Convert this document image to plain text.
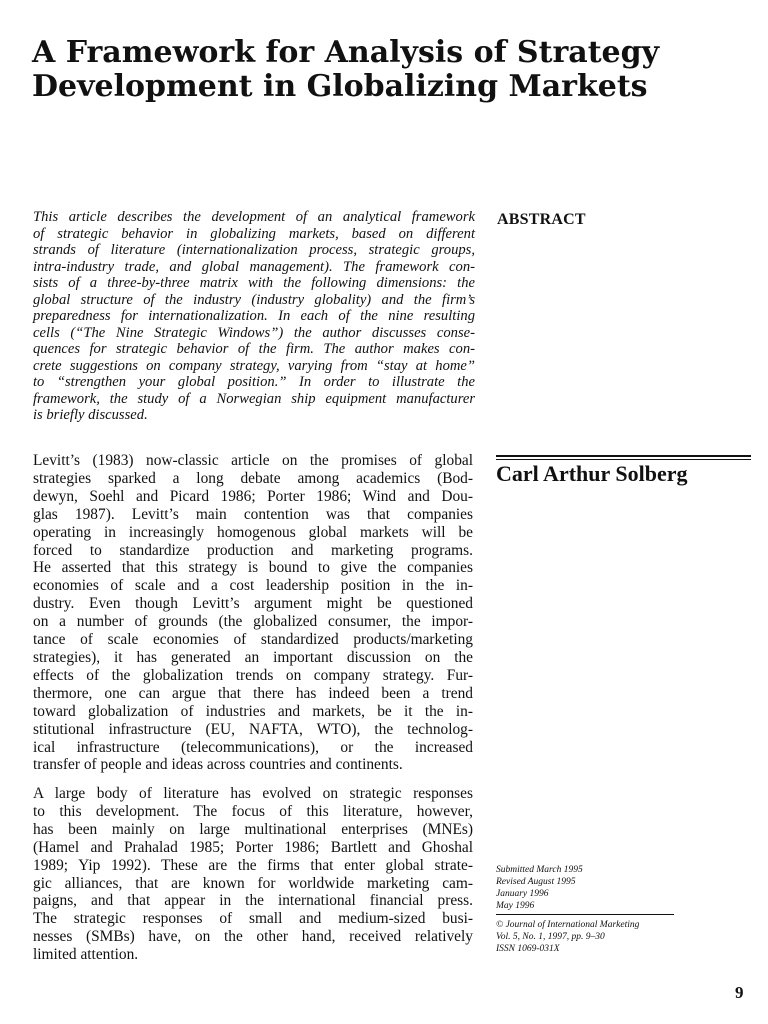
A Framework for Analysis of Strategy
Development in Globalizing Markets
This article describes the development of an analytical framework
of strategic behavior in globalizing markets, based on different
strands of literature (internationalization process, strategic groups,
intra-industry trade, and global management). The framework con-
sists of a three-by-three matrix with the following dimensions: the
global structure of the industry (industry globality) and the firm’s
preparedness for internationalization. In each of the nine resulting
cells (“The Nine Strategic Windows”) the author discusses conse-
quences for strategic behavior of the firm. The author makes con-
crete suggestions on company strategy, varying from “stay at home”
to “strengthen your global position.” In order to illustrate the
framework, the study of a Norwegian ship equipment manufacturer
is briefly discussed.
ABSTRACT
Carl Arthur Solberg
Levitt’s (1983) now-classic article on the promises of global
strategies sparked a long debate among academics (Bod-
dewyn, Soehl and Picard 1986; Porter 1986; Wind and Dou-
glas 1987). Levitt’s main contention was that companies
operating in increasingly homogenous global markets will be
forced to standardize production and marketing programs.
He asserted that this strategy is bound to give the companies
economies of scale and a cost leadership position in the in-
dustry. Even though Levitt’s argument might be questioned
on a number of grounds (the globalized consumer, the impor-
tance of scale economies of standardized products/marketing
strategies), it has generated an important discussion on the
effects of the globalization trends on company strategy. Fur-
thermore, one can argue that there has indeed been a trend
toward globalization of industries and markets, be it the in-
stitutional infrastructure (EU, NAFTA, WTO), the technolog-
ical infrastructure (telecommunications), or the increased
transfer of people and ideas across countries and continents.
A large body of literature has evolved on strategic responses
to this development. The focus of this literature, however,
has been mainly on large multinational enterprises (MNEs)
(Hamel and Prahalad 1985; Porter 1986; Bartlett and Ghoshal
1989; Yip 1992). These are the firms that enter global strate-
gic alliances, that are known for worldwide marketing cam-
paigns, and that appear in the international financial press.
The strategic responses of small and medium-sized busi-
nesses (SMBs) have, on the other hand, received relatively
limited attention.
Submitted March 1995
Revised August 1995
January 1996
May 1996
© Journal of International Marketing
Vol. 5, No. 1, 1997, pp. 9–30
ISSN 1069-031X
9
